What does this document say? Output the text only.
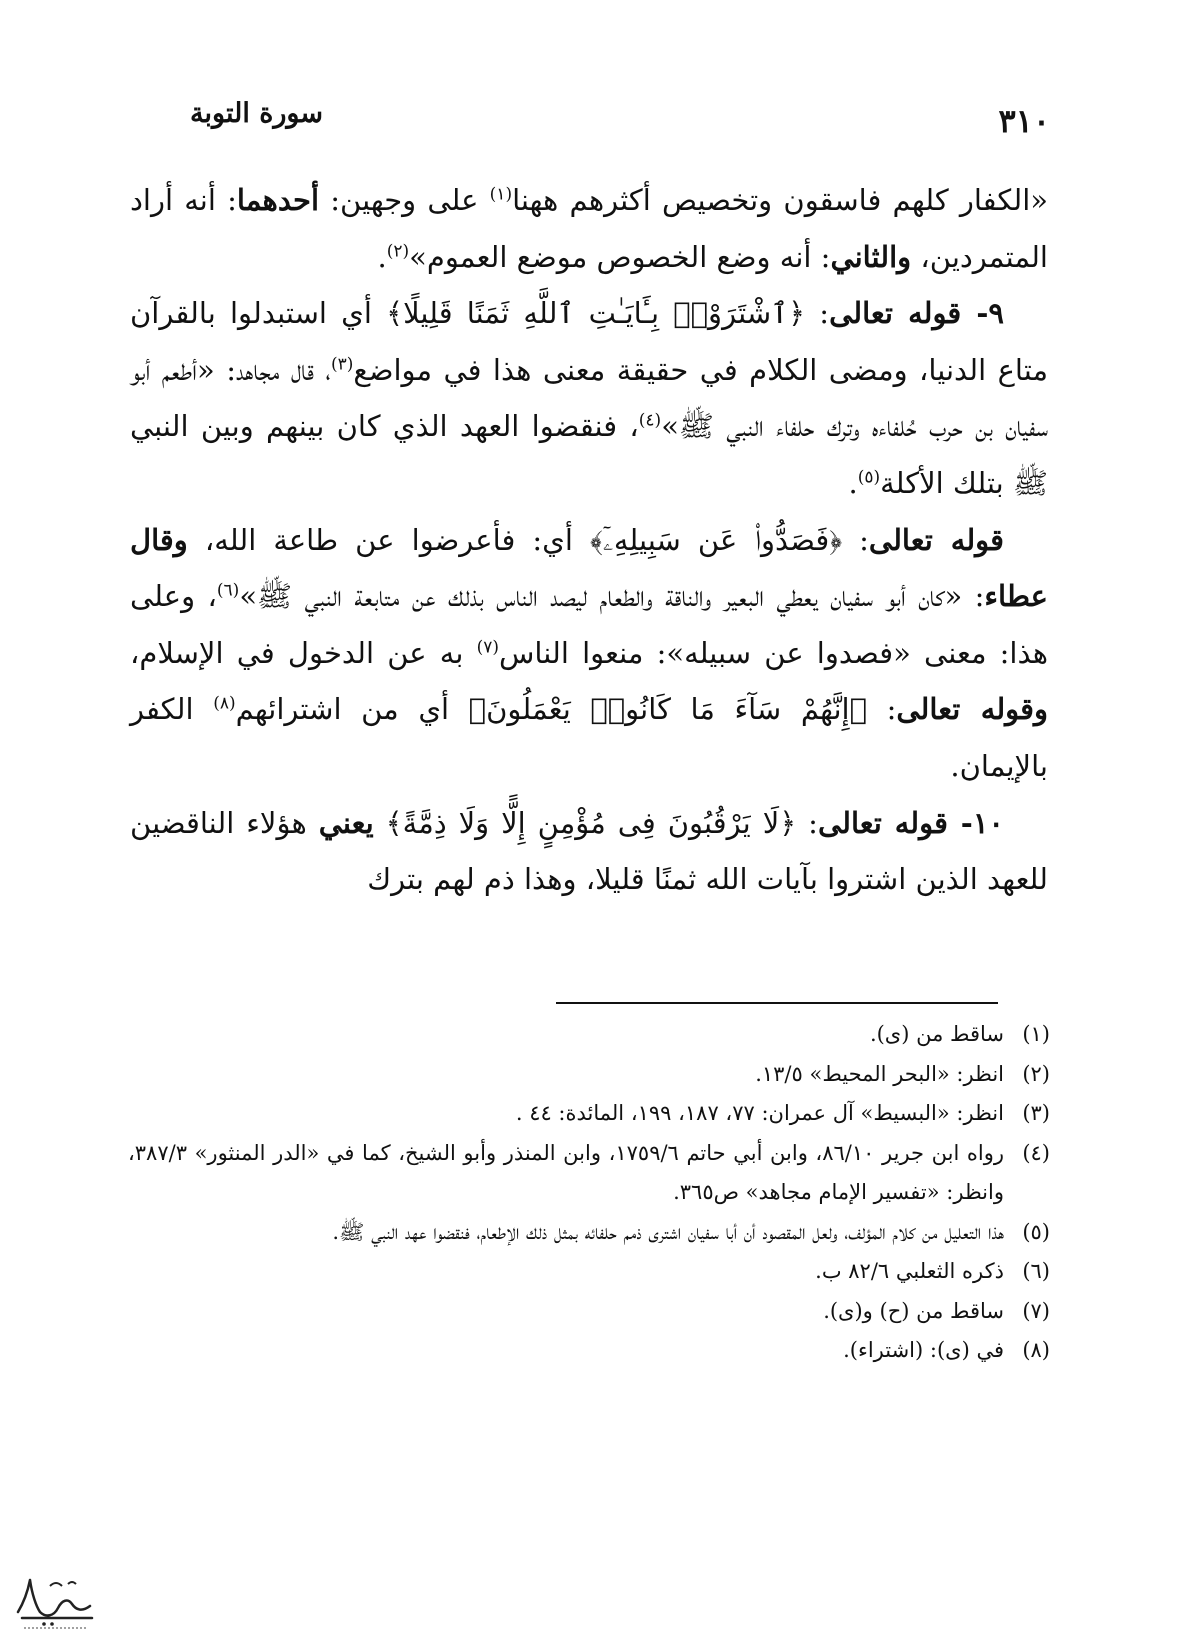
سورة التوبة	٣١٠

«الكفار كلهم فاسقون وتخصيص أكثرهم ههنا$^{(١)}$ على وجهين: أحدهما: أنه أراد المتمردين، والثاني: أنه وضع الخصوص موضع العموم»$^{(٢)}$.

٩- قوله تعالى: ﴿ٱشْتَرَوْا۟ بِـَٔايَـٰتِ ٱللَّهِ ثَمَنًا قَلِيلًا﴾ أي استبدلوا بالقرآن متاع الدنيا، ومضى الكلام في حقيقة معنى هذا في مواضع$^{(٣)}$، قال مجاهد: «أطعم أبو سفيان بن حرب حُلفاءه وترك حلفاء النبي ﷺ»$^{(٤)}$، فنقضوا العهد الذي كان بينهم وبين النبي ﷺ بتلك الأكلة$^{(٥)}$.

قوله تعالى: ﴿فَصَدُّوا۟ عَن سَبِيلِهِۦٓ﴾ أي: فأعرضوا عن طاعة الله، وقال عطاء: «كان أبو سفيان يعطي البعير والناقة والطعام ليصد الناس بذلك عن متابعة النبي ﷺ»$^{(٦)}$، وعلى هذا: معنى «فصدوا عن سبيله»: منعوا الناس$^{(٧)}$ به عن الدخول في الإسلام، وقوله تعالى: ﴿إِنَّهُمْ سَآءَ مَا كَانُوا۟ يَعْمَلُونَ﴾ أي من اشترائهم$^{(٨)}$ الكفر بالإيمان.

١٠- قوله تعالى: ﴿لَا يَرْقُبُونَ فِى مُؤْمِنٍ إِلًّا وَلَا ذِمَّةً﴾ يعني هؤلاء الناقضين للعهد الذين اشتروا بآيات الله ثمنًا قليلا، وهذا ذم لهم بترك

(١)
ساقط من (ى).
(٢)
انظر: «البحر المحيط» ١٣/٥.
(٣)
انظر: «البسيط» آل عمران: ٧٧، ١٨٧، ١٩٩، المائدة: ٤٤ .
(٤)
رواه ابن جرير ٨٦/١٠، وابن أبي حاتم ١٧٥٩/٦، وابن المنذر وأبو الشيخ، كما في «الدر المنثور» ٣٨٧/٣، وانظر: «تفسير الإمام مجاهد» ص٣٦٥.
(٥)
هذا التعليل من كلام المؤلف، ولعل المقصود أن أبا سفيان اشترى ذمم حلفائه بمثل ذلك الإطعام، فنقضوا عهد النبي ﷺ.
(٦)
ذكره الثعلبي ٨٢/٦ ب.
(٧)
ساقط من (ح) و(ى).
(٨)
في (ى): (اشتراء).
